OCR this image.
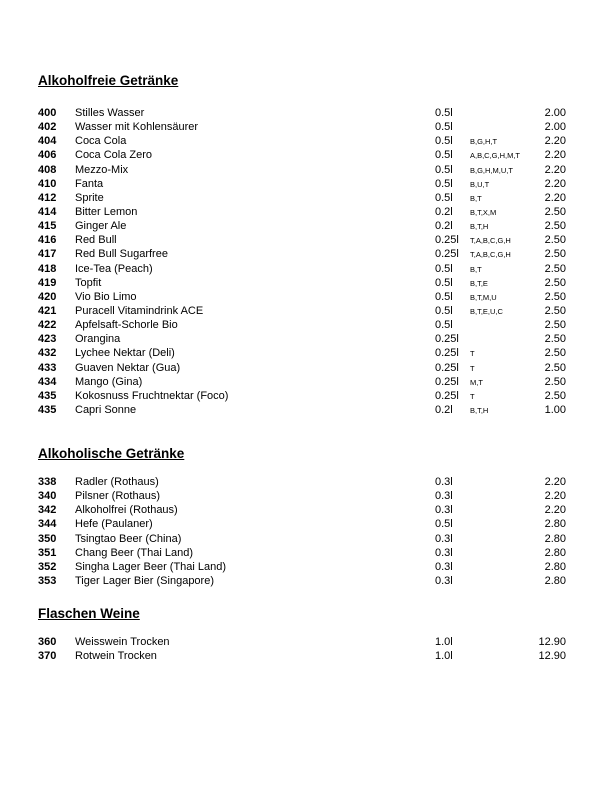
Alkoholfreie Getränke
400 Stilles Wasser	0.5l	2.00
402 Wasser mit Kohlensäurer	0.5l	2.00
404 Coca Cola	0.5l B,G,H,T	2.20
406 Coca Cola Zero	0.5l A,B,C,G,H,M,T 2.20
408 Mezzo-Mix	0.5l B,G,H,M,U,T	2.20
410 Fanta	0.5l B,U,T	2.20
412 Sprite	0.5l B,T	2.20
414 Bitter Lemon	0.2l B,T,X,M	2.50
415 Ginger Ale	0.2l B,T,H	2.50
416 Red Bull	0.25l T,A,B,C,G,H	2.50
417 Red Bull Sugarfree	0.25l T,A,B,C,G,H	2.50
418 Ice-Tea (Peach)	0.5l B,T	2.50
419 Topfit	0.5l B,T,E	2.50
420 Vio Bio Limo	0.5l B,T,M,U	2.50
421 Puracell Vitamindrink ACE	0.5l B,T,E,U,C	2.50
422 Apfelsaft-Schorle Bio	0.5l	2.50
423 Orangina	0.25l	2.50
432 Lychee Nektar (Deli)	0.25l T	2.50
433 Guaven Nektar (Gua)	0.25l T	2.50
434 Mango (Gina)	0.25l M,T	2.50
435 Kokosnuss Fruchtnektar (Foco)	0.25l T	2.50
435 Capri Sonne	0.2l B,T,H	1.00
Alkoholische Getränke
338 Radler (Rothaus)	0.3l	2.20
340 Pilsner (Rothaus)	0.3l	2.20
342 Alkoholfrei (Rothaus)	0.3l	2.20
344 Hefe (Paulaner)	0.5l	2.80
350 Tsingtao Beer (China)	0.3l	2.80
351 Chang Beer (Thai Land)	0.3l	2.80
352 Singha Lager Beer (Thai Land)	0.3l	2.80
353 Tiger Lager Bier (Singapore)	0.3l	2.80
Flaschen Weine
360 Weisswein Trocken	1.0l	12.90
370 Rotwein Trocken	1.0l	12.90
